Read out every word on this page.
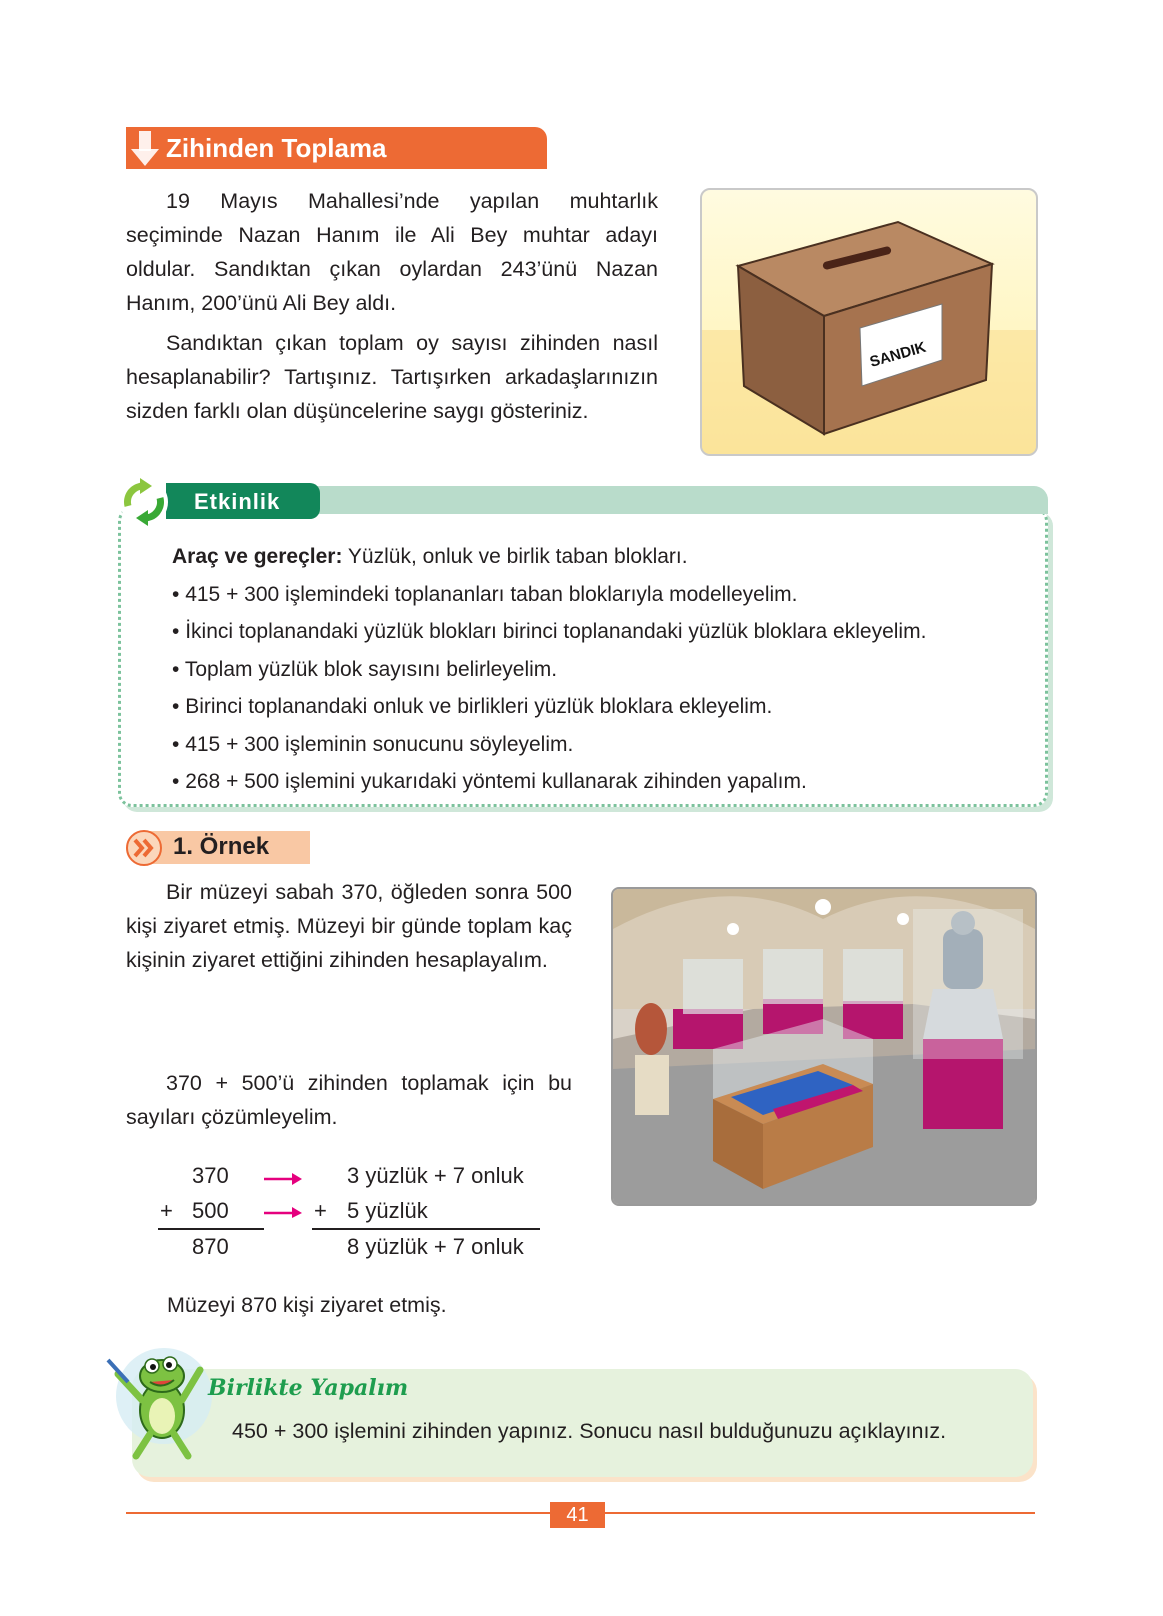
Zihinden Toplama

19 Mayıs Mahallesi’nde yapılan muhtarlık seçiminde Nazan Hanım ile Ali Bey muhtar adayı oldular. Sandıktan çıkan oylardan 243’ünü Nazan Hanım, 200’ünü Ali Bey aldı.

Sandıktan çıkan toplam oy sayısı zihinden nasıl hesaplanabilir? Tartışınız. Tartışırken arkadaşlarınızın sizden farklı olan düşüncelerine saygı gösteriniz.

SANDIK
Etkinlik
Araç ve gereçler: Yüzlük, onluk ve birlik taban blokları.
• 415 + 300 işlemindeki toplananları taban bloklarıyla modelleyelim.
• İkinci toplanandaki yüzlük blokları birinci toplanandaki yüzlük bloklara ekleyelim.
• Toplam yüzlük blok sayısını belirleyelim.
• Birinci toplanandaki onluk ve birlikleri yüzlük bloklara ekleyelim.
• 415 + 300 işleminin sonucunu söyleyelim.
• 268 + 500 işlemini yukarıdaki yöntemi kullanarak zihinden yapalım.
1. Örnek

Bir müzeyi sabah 370, öğleden sonra 500 kişi ziyaret etmiş. Müzeyi bir günde toplam kaç kişinin ziyaret ettiğini zihinden hesaplayalım.

370 + 500’ü zihinden toplamak için bu sayıları çözümleyelim.

370
+ 500
870
3 yüzlük + 7 onluk
+ 5 yüzlük
8 yüzlük + 7 onluk
Müzeyi 870 kişi ziyaret etmiş.
Birlikte Yapalım
450 + 300 işlemini zihinden yapınız. Sonucu nasıl bulduğunuzu açıklayınız.
41
